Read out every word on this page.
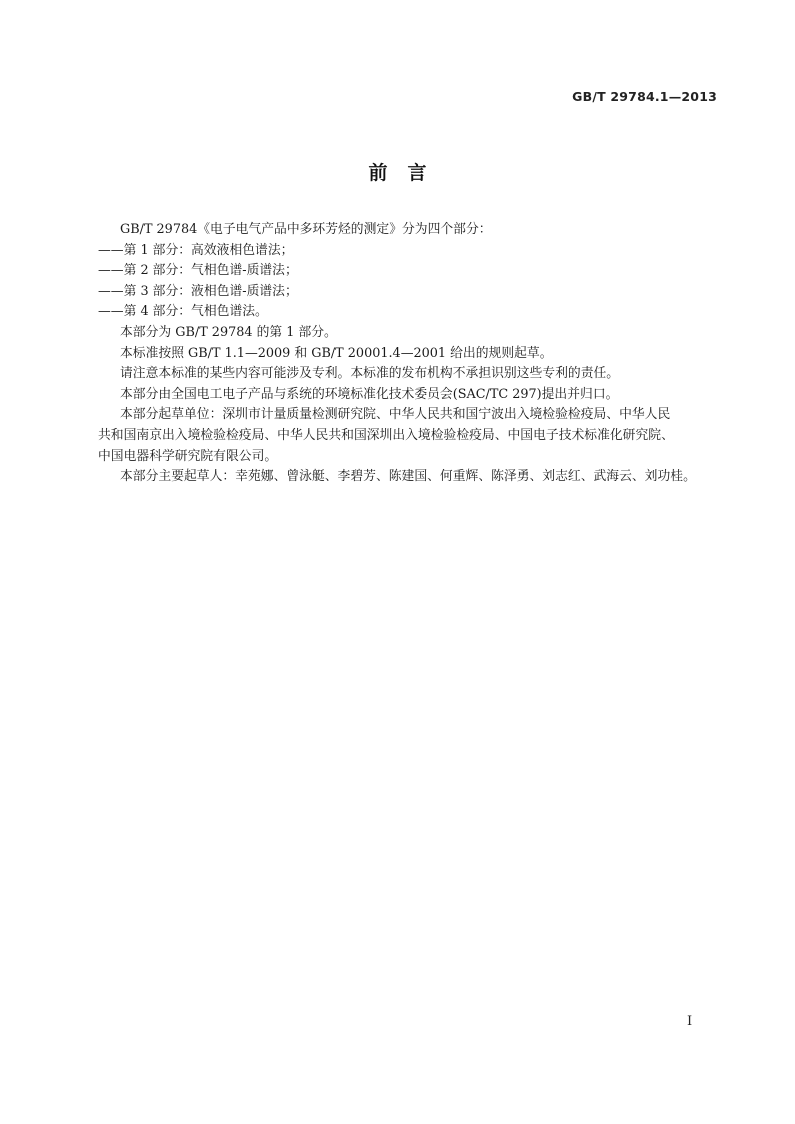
GB/T 29784.1—2013
前言
GB/T 29784《电子电气产品中多环芳烃的测定》分为四个部分：
——第 1 部分：高效液相色谱法；
——第 2 部分：气相色谱-质谱法；
——第 3 部分：液相色谱-质谱法；
——第 4 部分：气相色谱法。
本部分为 GB/T 29784 的第 1 部分。
本标准按照 GB/T 1.1—2009 和 GB/T 20001.4—2001 给出的规则起草。
请注意本标准的某些内容可能涉及专利。本标准的发布机构不承担识别这些专利的责任。
本部分由全国电工电子产品与系统的环境标准化技术委员会(SAC/TC 297)提出并归口。
本部分起草单位：深圳市计量质量检测研究院、中华人民共和国宁波出入境检验检疫局、中华人民
共和国南京出入境检验检疫局、中华人民共和国深圳出入境检验检疫局、中国电子技术标准化研究院、
中国电器科学研究院有限公司。
本部分主要起草人：幸苑娜、曾泳艇、李碧芳、陈建国、何重辉、陈泽勇、刘志红、武海云、刘功桂。
I
